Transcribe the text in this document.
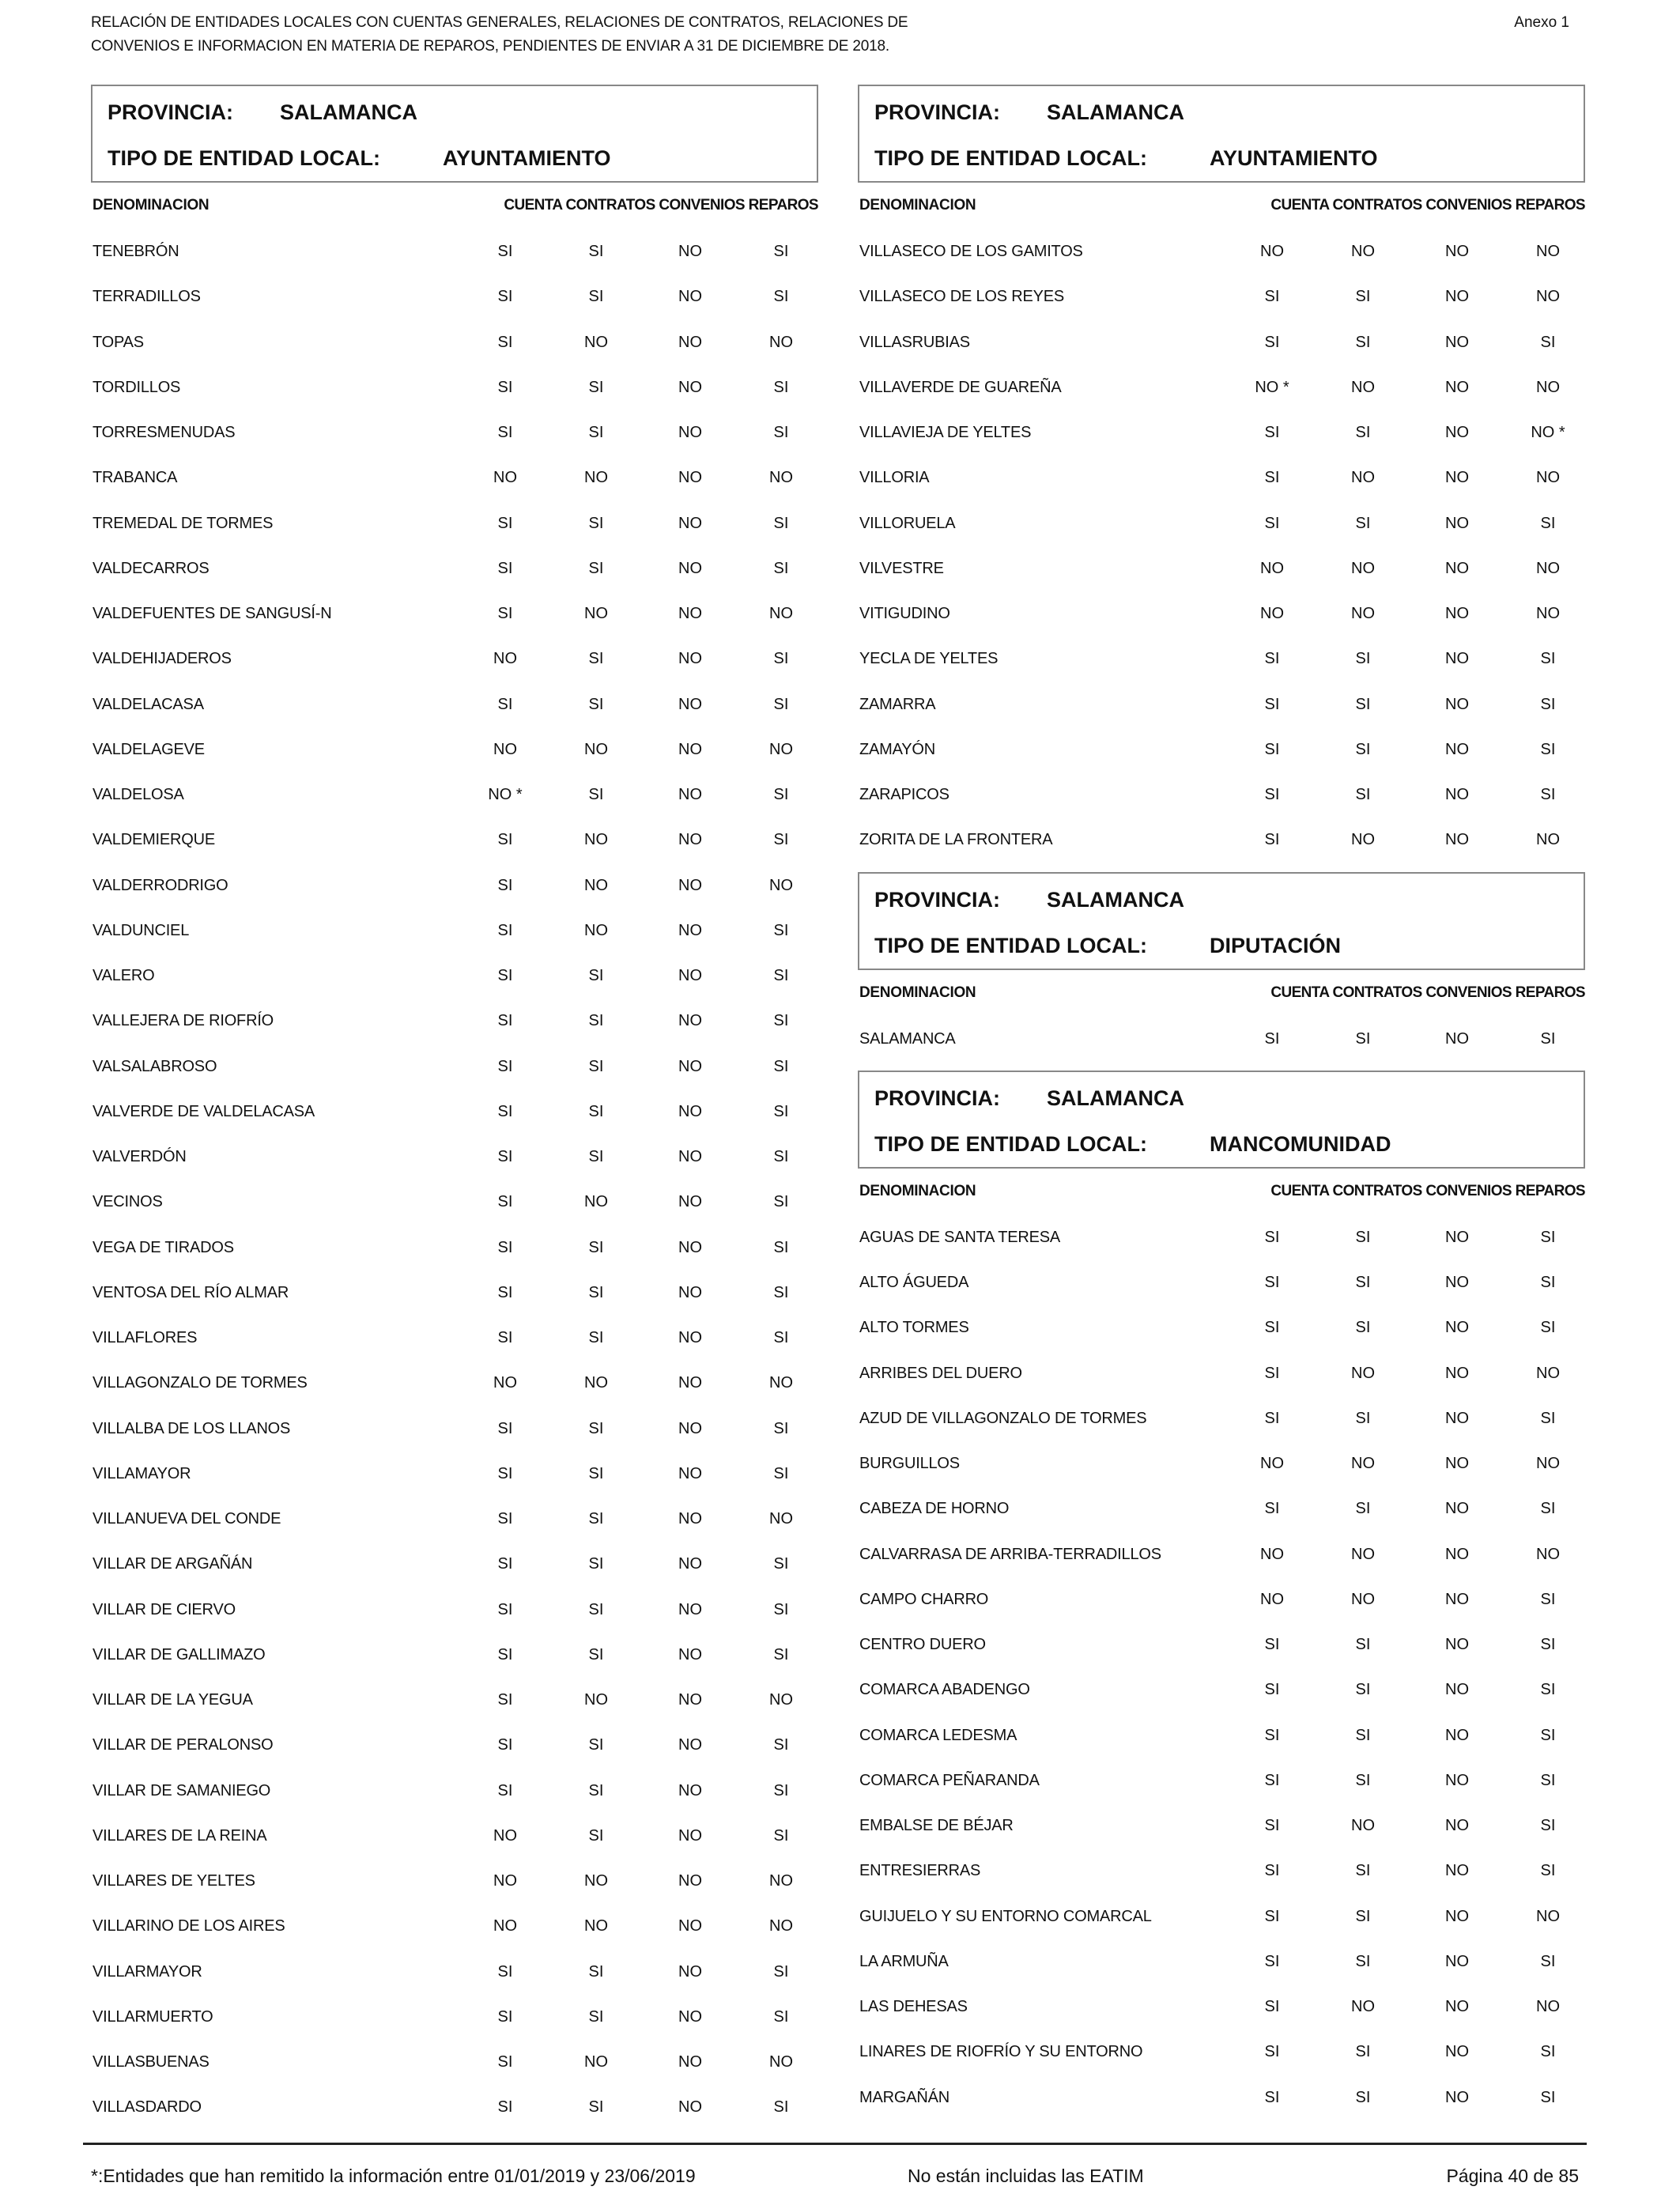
RELACIÓN DE ENTIDADES LOCALES CON CUENTAS GENERALES, RELACIONES DE CONTRATOS, RELACIONES DE
CONVENIOS E INFORMACION EN MATERIA DE REPAROS, PENDIENTES DE ENVIAR A 31 DE DICIEMBRE DE 2018.
Anexo 1
PROVINCIA: SALAMANCA
TIPO DE ENTIDAD LOCAL:	AYUNTAMIENTO
DENOMINACION	CUENTA CONTRATOS CONVENIOS REPAROS
TENEBRÓN	SI	SI	NO	SI
TERRADILLOS	SI	SI	NO	SI
TOPAS	SI	NO	NO	NO
TORDILLOS	SI	SI	NO	SI
TORRESMENUDAS	SI	SI	NO	SI
TRABANCA	NO	NO	NO	NO
TREMEDAL DE TORMES	SI	SI	NO	SI
VALDECARROS	SI	SI	NO	SI
VALDEFUENTES DE SANGUSÍ-N	SI	NO	NO	NO
VALDEHIJADEROS	NO	SI	NO	SI
VALDELACASA	SI	SI	NO	SI
VALDELAGEVE	NO	NO	NO	NO
VALDELOSA	NO *	SI	NO	SI
VALDEMIERQUE	SI	NO	NO	SI
VALDERRODRIGO	SI	NO	NO	NO
VALDUNCIEL	SI	NO	NO	SI
VALERO	SI	SI	NO	SI
VALLEJERA DE RIOFRÍO	SI	SI	NO	SI
VALSALABROSO	SI	SI	NO	SI
VALVERDE DE VALDELACASA	SI	SI	NO	SI
VALVERDÓN	SI	SI	NO	SI
VECINOS	SI	NO	NO	SI
VEGA DE TIRADOS	SI	SI	NO	SI
VENTOSA DEL RÍO ALMAR	SI	SI	NO	SI
VILLAFLORES	SI	SI	NO	SI
VILLAGONZALO DE TORMES	NO	NO	NO	NO
VILLALBA DE LOS LLANOS	SI	SI	NO	SI
VILLAMAYOR	SI	SI	NO	SI
VILLANUEVA DEL CONDE	SI	SI	NO	NO
VILLAR DE ARGAÑÁN	SI	SI	NO	SI
VILLAR DE CIERVO	SI	SI	NO	SI
VILLAR DE GALLIMAZO	SI	SI	NO	SI
VILLAR DE LA YEGUA	SI	NO	NO	NO
VILLAR DE PERALONSO	SI	SI	NO	SI
VILLAR DE SAMANIEGO	SI	SI	NO	SI
VILLARES DE LA REINA	NO	SI	NO	SI
VILLARES DE YELTES	NO	NO	NO	NO
VILLARINO DE LOS AIRES	NO	NO	NO	NO
VILLARMAYOR	SI	SI	NO	SI
VILLARMUERTO	SI	SI	NO	SI
VILLASBUENAS	SI	NO	NO	NO
VILLASDARDO	SI	SI	NO	SI
PROVINCIA: SALAMANCA
TIPO DE ENTIDAD LOCAL:	AYUNTAMIENTO
DENOMINACION	CUENTA CONTRATOS CONVENIOS REPAROS
VILLASECO DE LOS GAMITOS	NO	NO	NO	NO
VILLASECO DE LOS REYES	SI	SI	NO	NO
VILLASRUBIAS	SI	SI	NO	SI
VILLAVERDE DE GUAREÑA	NO *	NO	NO	NO
VILLAVIEJA DE YELTES	SI	SI	NO	NO *
VILLORIA	SI	NO	NO	NO
VILLORUELA	SI	SI	NO	SI
VILVESTRE	NO	NO	NO	NO
VITIGUDINO	NO	NO	NO	NO
YECLA DE YELTES	SI	SI	NO	SI
ZAMARRA	SI	SI	NO	SI
ZAMAYÓN	SI	SI	NO	SI
ZARAPICOS	SI	SI	NO	SI
ZORITA DE LA FRONTERA	SI	NO	NO	NO
PROVINCIA: SALAMANCA
TIPO DE ENTIDAD LOCAL:	DIPUTACIÓN
DENOMINACION	CUENTA CONTRATOS CONVENIOS REPAROS
SALAMANCA	SI	SI	NO	SI
PROVINCIA: SALAMANCA
TIPO DE ENTIDAD LOCAL:	MANCOMUNIDAD
DENOMINACION	CUENTA CONTRATOS CONVENIOS REPAROS
AGUAS DE SANTA TERESA	SI	SI	NO	SI
ALTO ÁGUEDA	SI	SI	NO	SI
ALTO TORMES	SI	SI	NO	SI
ARRIBES DEL DUERO	SI	NO	NO	NO
AZUD DE VILLAGONZALO DE TORMES	SI	SI	NO	SI
BURGUILLOS	NO	NO	NO	NO
CABEZA DE HORNO	SI	SI	NO	SI
CALVARRASA DE ARRIBA-TERRADILLOS	NO	NO	NO	NO
CAMPO CHARRO	NO	NO	NO	SI
CENTRO DUERO	SI	SI	NO	SI
COMARCA ABADENGO	SI	SI	NO	SI
COMARCA LEDESMA	SI	SI	NO	SI
COMARCA PEÑARANDA	SI	SI	NO	SI
EMBALSE DE BÉJAR	SI	NO	NO	SI
ENTRESIERRAS	SI	SI	NO	SI
GUIJUELO Y SU ENTORNO COMARCAL	SI	SI	NO	NO
LA ARMUÑA	SI	SI	NO	SI
LAS DEHESAS	SI	NO	NO	NO
LINARES DE RIOFRÍO Y SU ENTORNO	SI	SI	NO	SI
MARGAÑÁN	SI	SI	NO	SI
*:Entidades que han remitido la información entre 01/01/2019 y 23/06/2019	No están incluidas las EATIM	Página 40 de 85
